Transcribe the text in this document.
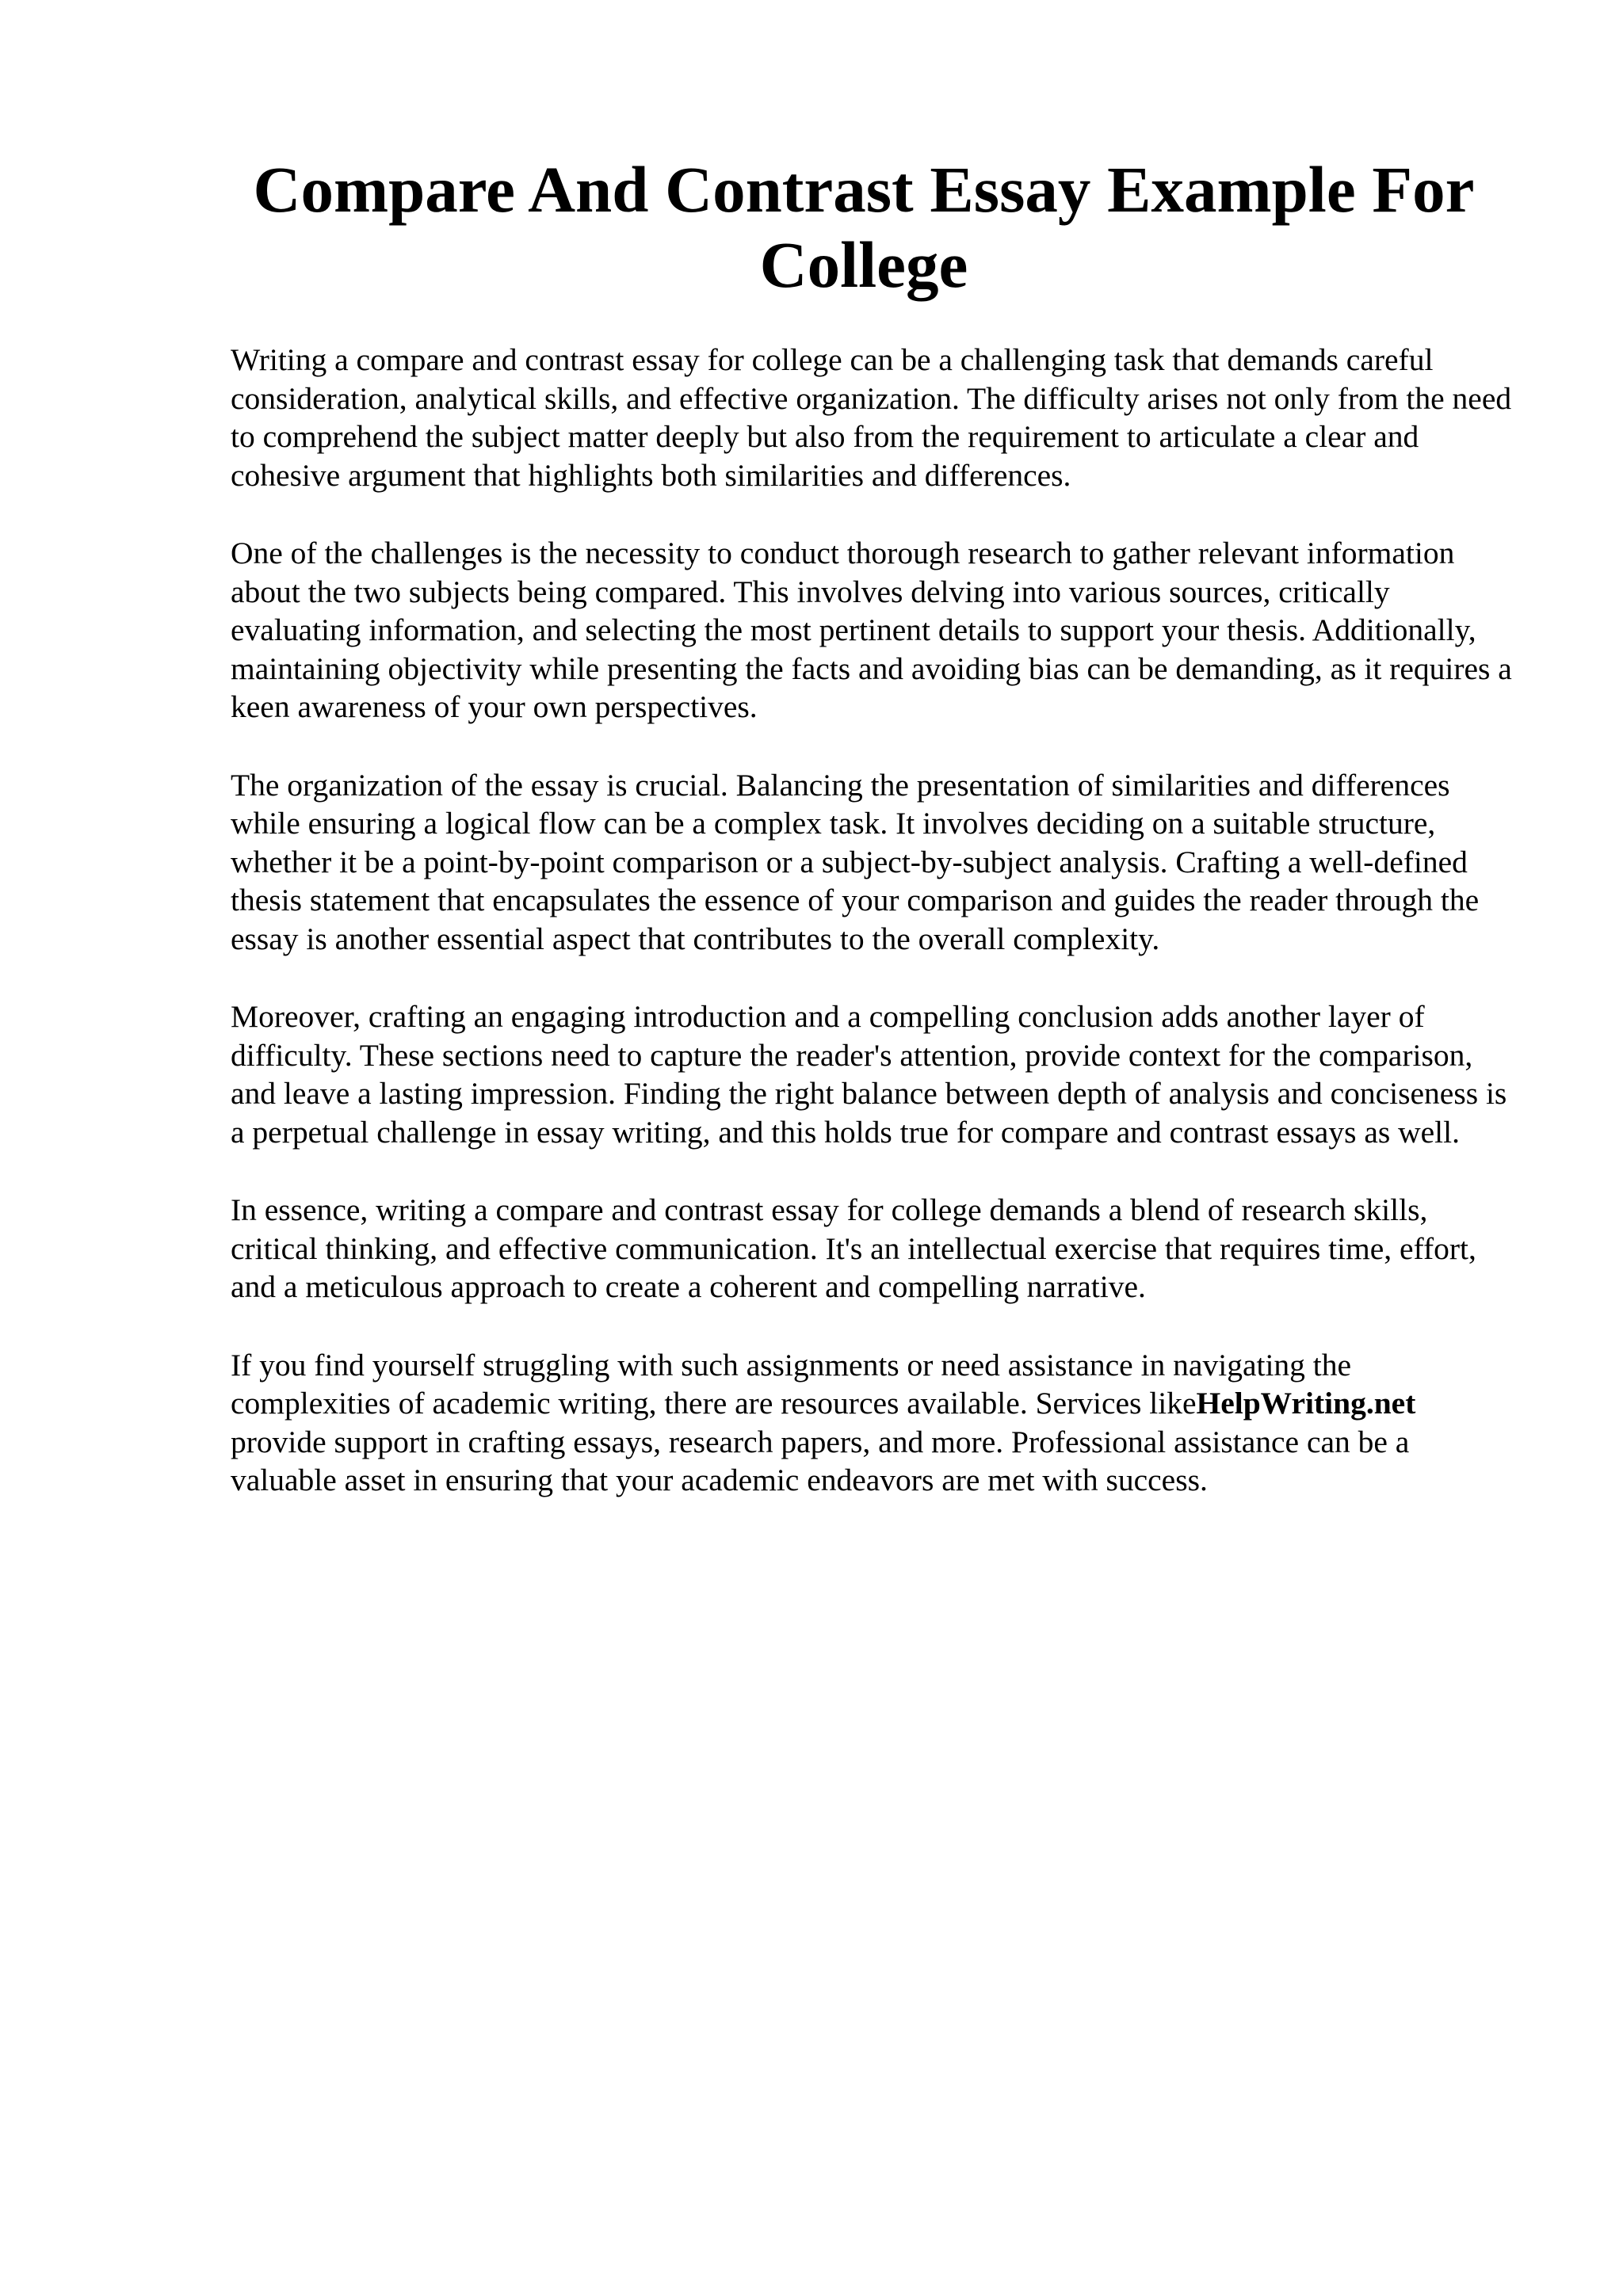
Compare And Contrast Essay Example For College

Writing a compare and contrast essay for college can be a challenging task that demands careful consideration, analytical skills, and effective organization. The difficulty arises not only from the need to comprehend the subject matter deeply but also from the requirement to articulate a clear and cohesive argument that highlights both similarities and differences.

One of the challenges is the necessity to conduct thorough research to gather relevant information about the two subjects being compared. This involves delving into various sources, critically evaluating information, and selecting the most pertinent details to support your thesis. Additionally, maintaining objectivity while presenting the facts and avoiding bias can be demanding, as it requires a keen awareness of your own perspectives.

The organization of the essay is crucial. Balancing the presentation of similarities and differences while ensuring a logical flow can be a complex task. It involves deciding on a suitable structure, whether it be a point-by-point comparison or a subject-by-subject analysis. Crafting a well-defined thesis statement that encapsulates the essence of your comparison and guides the reader through the essay is another essential aspect that contributes to the overall complexity.

Moreover, crafting an engaging introduction and a compelling conclusion adds another layer of difficulty. These sections need to capture the reader's attention, provide context for the comparison, and leave a lasting impression. Finding the right balance between depth of analysis and conciseness is a perpetual challenge in essay writing, and this holds true for compare and contrast essays as well.

In essence, writing a compare and contrast essay for college demands a blend of research skills, critical thinking, and effective communication. It's an intellectual exercise that requires time, effort, and a meticulous approach to create a coherent and compelling narrative.

If you find yourself struggling with such assignments or need assistance in navigating the complexities of academic writing, there are resources available. Services likeHelpWriting.net provide support in crafting essays, research papers, and more. Professional assistance can be a valuable asset in ensuring that your academic endeavors are met with success.
